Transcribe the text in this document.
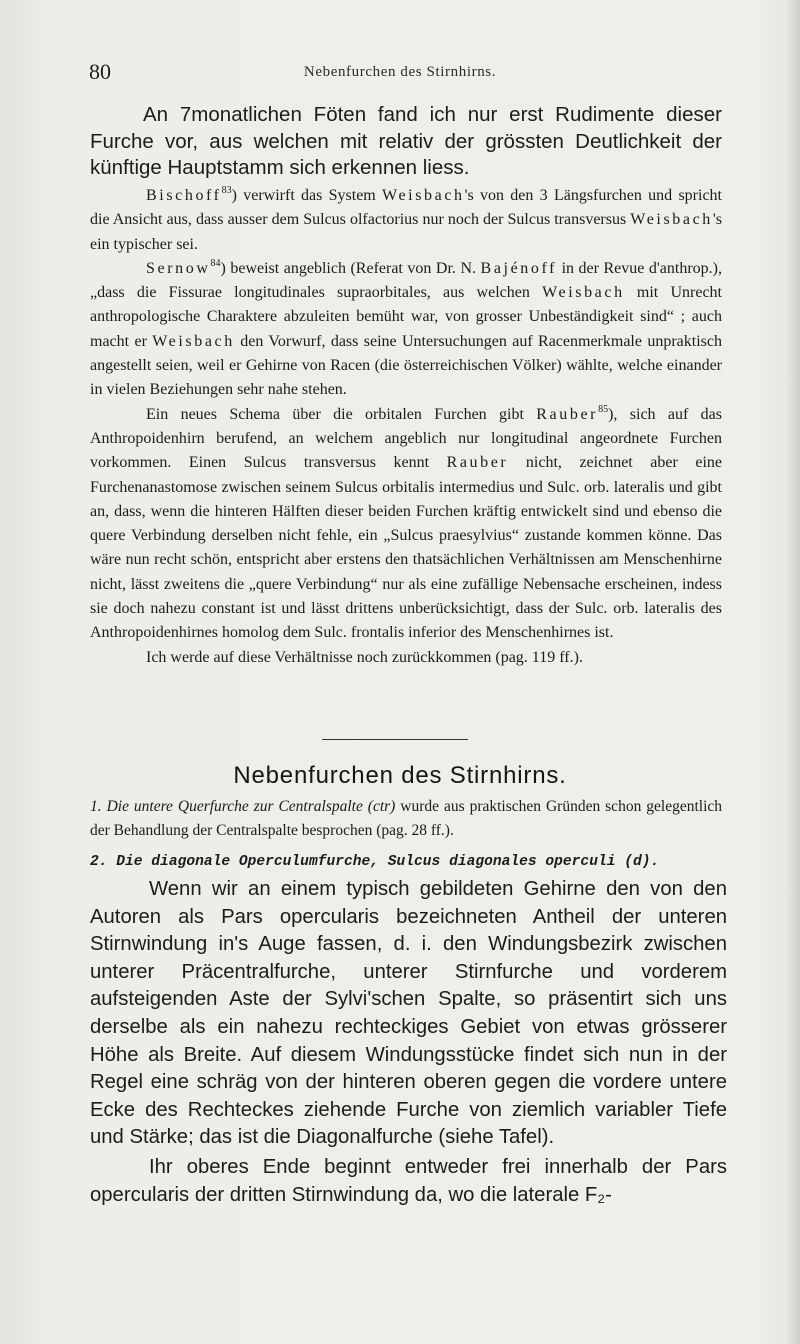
80	Nebenfurchen des Stirnhirns.

An 7monatlichen Föten fand ich nur erst Rudimente dieser Furche vor, aus welchen mit relativ der grössten Deutlichkeit der künftige Hauptstamm sich erkennen liess.

Bischoff$^{83}$) verwirft das System Weisbach's von den 3 Längsfurchen und spricht die Ansicht aus, dass ausser dem Sulcus olfactorius nur noch der Sulcus transversus Weisbach's ein typischer sei.

Sernow$^{84}$) beweist angeblich (Referat von Dr. N. Bajénoff in der Revue d'anthrop.), „dass die Fissurae longitudinales supraorbitales, aus welchen Weisbach mit Unrecht anthropologische Charaktere abzuleiten bemüht war, von grosser Unbeständigkeit sind“ ; auch macht er Weisbach den Vorwurf, dass seine Untersuchungen auf Racenmerkmale unpraktisch angestellt seien, weil er Gehirne von Racen (die österreichischen Völker) wählte, welche einander in vielen Beziehungen sehr nahe stehen.

Ein neues Schema über die orbitalen Furchen gibt Rauber$^{85}$), sich auf das Anthropoidenhirn berufend, an welchem angeblich nur longitudinal angeordnete Furchen vorkommen. Einen Sulcus transversus kennt Rauber nicht, zeichnet aber eine Furchenanastomose zwischen seinem Sulcus orbitalis intermedius und Sulc. orb. lateralis und gibt an, dass, wenn die hinteren Hälften dieser beiden Furchen kräftig entwickelt sind und ebenso die quere Verbindung derselben nicht fehle, ein „Sulcus praesylvius“ zustande kommen könne. Das wäre nun recht schön, entspricht aber erstens den thatsächlichen Verhältnissen am Menschenhirne nicht, lässt zweitens die „quere Verbindung“ nur als eine zufällige Nebensache erscheinen, indess sie doch nahezu constant ist und lässt drittens unberücksichtigt, dass der Sulc. orb. lateralis des Anthropoidenhirnes homolog dem Sulc. frontalis inferior des Menschenhirnes ist.

Ich werde auf diese Verhältnisse noch zurückkommen (pag. 119 ff.).

Nebenfurchen des Stirnhirns.
1. Die untere Querfurche zur Centralspalte (ctr) wurde aus praktischen Gründen schon gelegentlich der Behandlung der Centralspalte besprochen (pag. 28 ff.).
2. Die diagonale Operculumfurche, Sulcus diagonales operculi (d).

Wenn wir an einem typisch gebildeten Gehirne den von den Autoren als Pars opercularis bezeichneten Antheil der unteren Stirnwindung in's Auge fassen, d. i. den Windungsbezirk zwischen unterer Präcentralfurche, unterer Stirnfurche und vorderem aufsteigenden Aste der Sylvi'schen Spalte, so präsentirt sich uns derselbe als ein nahezu rechteckiges Gebiet von etwas grösserer Höhe als Breite. Auf diesem Windungsstücke findet sich nun in der Regel eine schräg von der hinteren oberen gegen die vordere untere Ecke des Rechteckes ziehende Furche von ziemlich variabler Tiefe und Stärke; das ist die Diagonalfurche (siehe Tafel).

Ihr oberes Ende beginnt entweder frei innerhalb der Pars opercularis der dritten Stirnwindung da, wo die laterale F₂-
